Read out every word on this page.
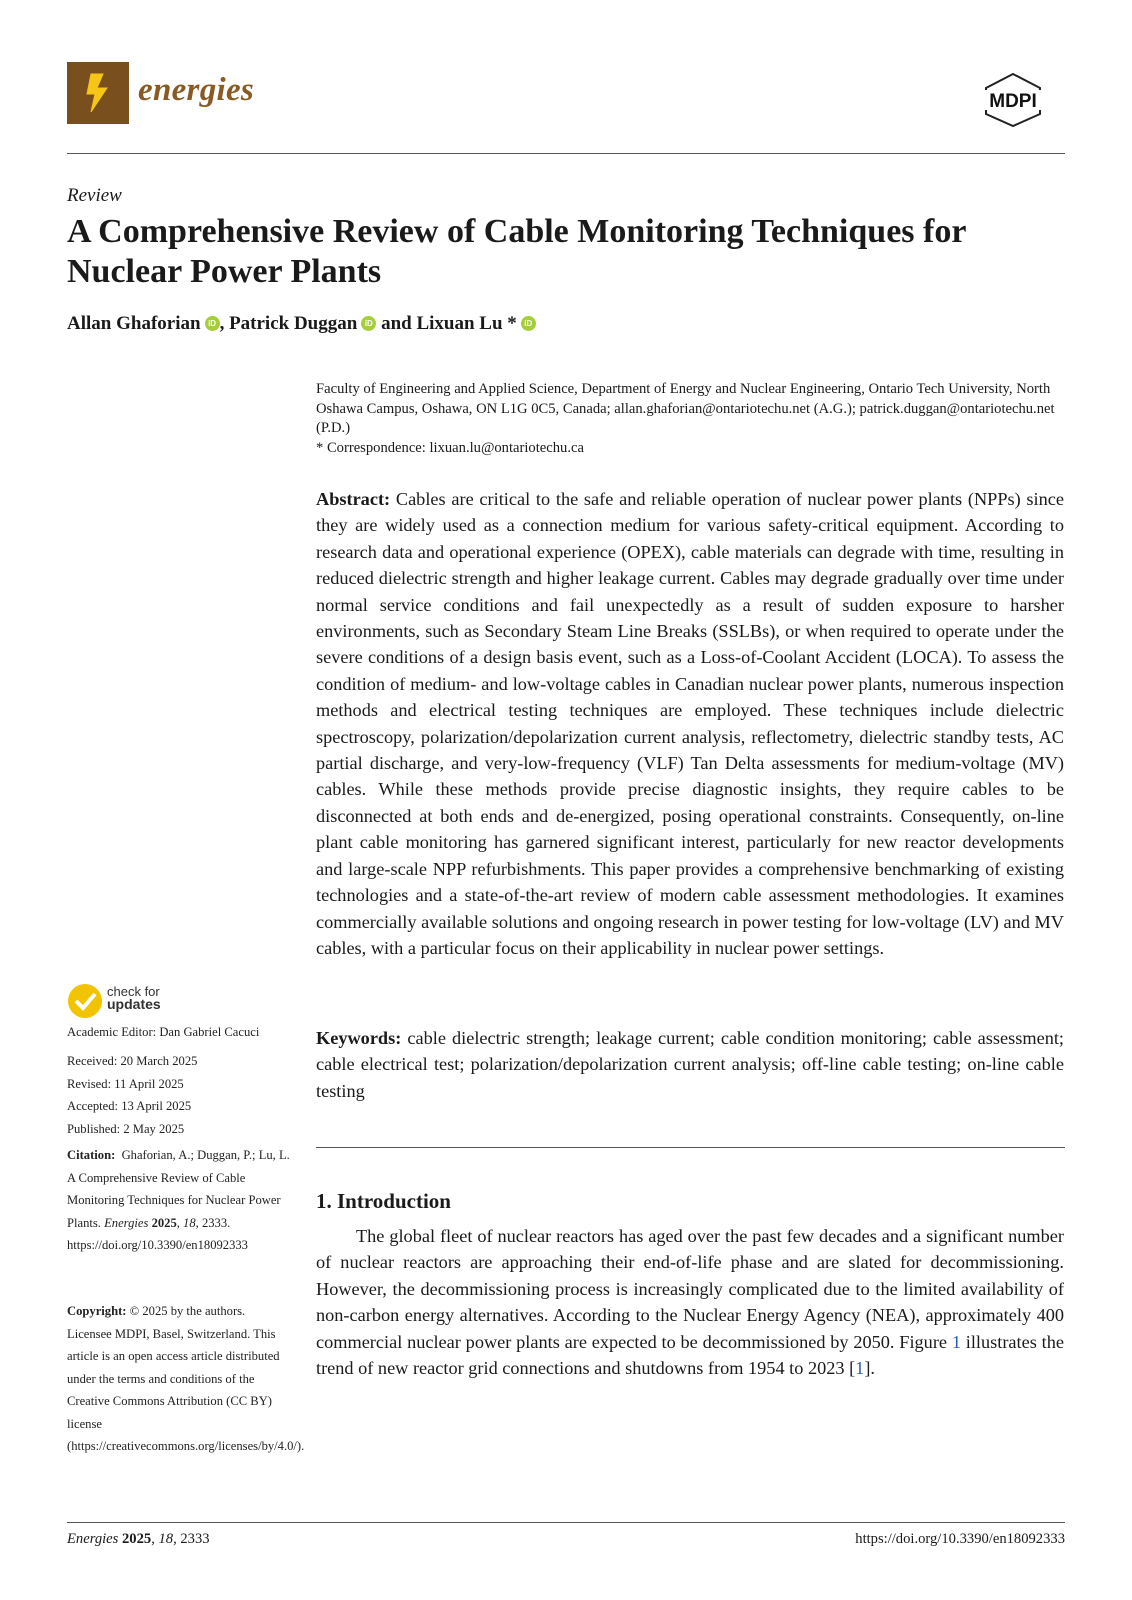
energies	MDPI
Review
A Comprehensive Review of Cable Monitoring Techniques for Nuclear Power Plants
Allan Ghaforian iD , Patrick Duggan iD and Lixuan Lu * iD
Faculty of Engineering and Applied Science, Department of Energy and Nuclear Engineering, Ontario Tech University, North Oshawa Campus, Oshawa, ON L1G 0C5, Canada; allan.ghaforian@ontariotechu.net (A.G.); patrick.duggan@ontariotechu.net (P.D.)
* Correspondence: lixuan.lu@ontariotechu.ca
Abstract: Cables are critical to the safe and reliable operation of nuclear power plants (NPPs) since they are widely used as a connection medium for various safety-critical equipment. According to research data and operational experience (OPEX), cable materials can degrade with time, resulting in reduced dielectric strength and higher leakage current. Cables may degrade gradually over time under normal service conditions and fail unexpectedly as a result of sudden exposure to harsher environments, such as Secondary Steam Line Breaks (SSLBs), or when required to operate under the severe conditions of a design basis event, such as a Loss-of-Coolant Accident (LOCA). To assess the condition of medium- and low-voltage cables in Canadian nuclear power plants, numerous inspection methods and electrical testing techniques are employed. These techniques include dielectric spectroscopy, polarization/depolarization current analysis, reflectometry, dielectric standby tests, AC partial discharge, and very-low-frequency (VLF) Tan Delta assessments for medium-voltage (MV) cables. While these methods provide precise diagnostic insights, they require cables to be disconnected at both ends and de-energized, posing operational constraints. Consequently, on-line plant cable monitoring has garnered significant interest, particularly for new reactor developments and large-scale NPP refurbishments. This paper provides a comprehensive benchmarking of existing technologies and a state-of-the-art review of modern cable assessment methodologies. It examines commercially available solutions and ongoing research in power testing for low-voltage (LV) and MV cables, with a particular focus on their applicability in nuclear power settings.
Keywords: cable dielectric strength; leakage current; cable condition monitoring; cable assessment; cable electrical test; polarization/depolarization current analysis; off-line cable testing; on-line cable testing
1. Introduction
The global fleet of nuclear reactors has aged over the past few decades and a significant number of nuclear reactors are approaching their end-of-life phase and are slated for decommissioning. However, the decommissioning process is increasingly complicated due to the limited availability of non-carbon energy alternatives. According to the Nuclear Energy Agency (NEA), approximately 400 commercial nuclear power plants are expected to be decommissioned by 2050. Figure 1 illustrates the trend of new reactor grid connections and shutdowns from 1954 to 2023 [1].
check for
updates
Academic Editor: Dan Gabriel Cacuci
Received: 20 March 2025
Revised: 11 April 2025
Accepted: 13 April 2025
Published: 2 May 2025
Citation: Ghaforian, A.; Duggan, P.; Lu, L. A Comprehensive Review of Cable Monitoring Techniques for Nuclear Power Plants. Energies 2025, 18, 2333. https://doi.org/10.3390/en18092333
Copyright: © 2025 by the authors. Licensee MDPI, Basel, Switzerland. This article is an open access article distributed under the terms and conditions of the Creative Commons Attribution (CC BY) license (https://creativecommons.org/licenses/by/4.0/).
Energies 2025, 18, 2333	https://doi.org/10.3390/en18092333
